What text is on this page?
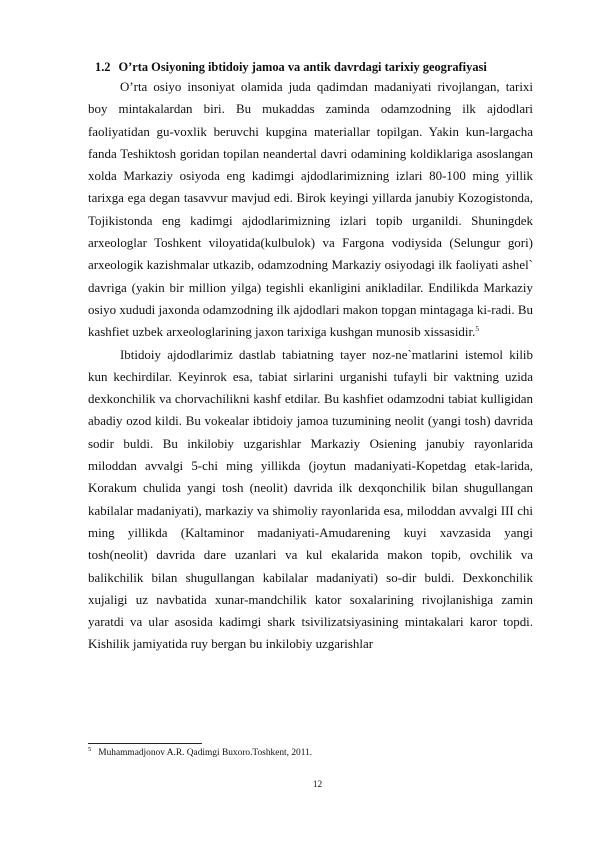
1.2 O’rta Osiyoning ibtidoiy jamoa va antik davrdagi tarixiy geografiyasi

O’rta osiyo insoniyat olamida juda qadimdan madaniyati rivojlangan, tarixi boy mintakalardan biri. Bu mukaddas zaminda odamzodning ilk ajdodlari faoliyatidan gu-voxlik beruvchi kupgina materiallar topilgan. Yakin kun-largacha fanda Teshiktosh goridan topilan neandertal davri odamining koldiklariga asoslangan xolda Markaziy osiyoda eng kadimgi ajdodlarimizning izlari 80-100 ming yillik tarixga ega degan tasavvur mavjud edi. Birok keyingi yillarda janubiy Kozogistonda, Tojikistonda eng kadimgi ajdodlarimizning izlari topib urganildi. Shuningdek arxeologlar Toshkent viloyatida(kulbulok) va Fargona vodiysida (Selungur gori) arxeologik kazishmalar utkazib, odamzodning Markaziy osiyodagi ilk faoliyati ashel` davriga (yakin bir million yilga) tegishli ekanligini anikladilar. Endilikda Markaziy osiyo xududi jaxonda odamzodning ilk ajdodlari makon topgan mintagaga ki-radi. Bu kashfiet uzbek arxeologlarining jaxon tarixiga kushgan munosib xissasidir.$^5$

Ibtidoiy ajdodlarimiz dastlab tabiatning tayer noz-ne`matlarini istemol kilib kun kechirdilar. Keyinrok esa, tabiat sirlarini urganishi tufayli bir vaktning uzida dexkonchilik va chorvachilikni kashf etdilar. Bu kashfiet odamzodni tabiat kulligidan abadiy ozod kildi. Bu vokealar ibtidoiy jamoa tuzumining neolit (yangi tosh) davrida sodir buldi. Bu inkilobiy uzgarishlar Markaziy Osiening janubiy rayonlarida miloddan avvalgi 5-chi ming yillikda (joytun madaniyati-Kopetdag etak-larida, Korakum chulida yangi tosh (neolit) davrida ilk dexqonchilik bilan shugullangan kabilalar madaniyati), markaziy va shimoliy rayonlarida esa, miloddan avvalgi III chi ming yillikda (Kaltaminor madaniyati-Amudarening kuyi xavzasida yangi tosh(neolit) davrida dare uzanlari va kul ekalarida makon topib, ovchilik va balikchilik bilan shugullangan kabilalar madaniyati) so-dir buldi. Dexkonchilik xujaligi uz navbatida xunar-mandchilik kator soxalarining rivojlanishiga zamin yaratdi va ular asosida kadimgi shark tsivilizatsiyasining mintakalari karor topdi. Kishilik jamiyatida ruy bergan bu inkilobiy uzgarishlar

$^5$ Muhammadjonov A.R. Qadimgi Buxoro.Toshkent, 2011.
12
